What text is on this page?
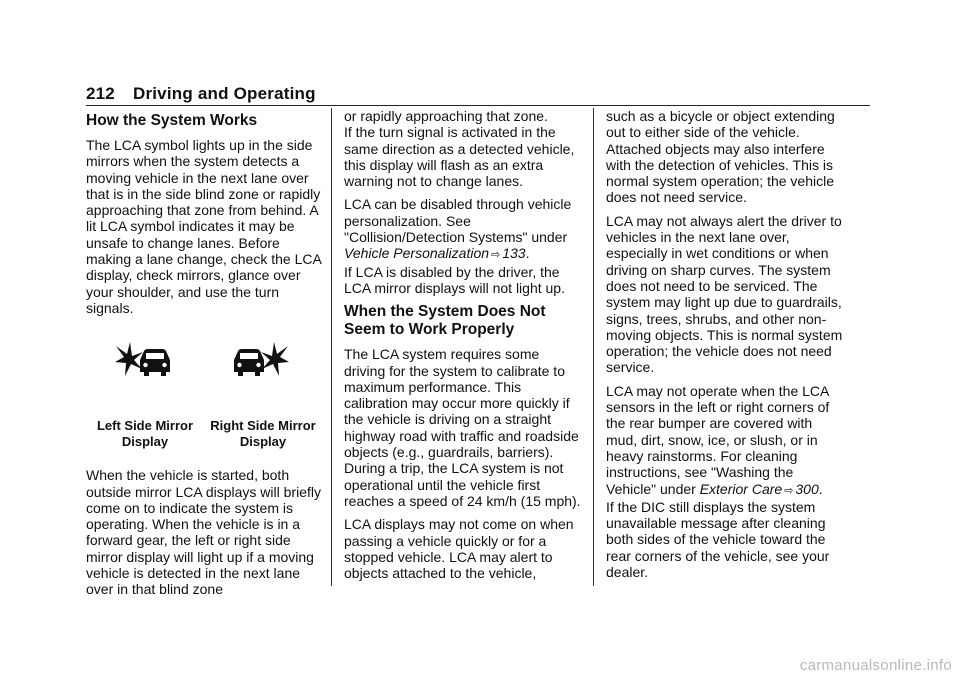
212 Driving and Operating
How the System Works

The LCA symbol lights up in the side mirrors when the system detects a moving vehicle in the next lane over that is in the side blind zone or rapidly approaching that zone from behind. A lit LCA symbol indicates it may be unsafe to change lanes. Before making a lane change, check the LCA display, check mirrors, glance over your shoulder, and use the turn signals.

Left Side Mirror
Display
Right Side Mirror
Display

When the vehicle is started, both outside mirror LCA displays will briefly come on to indicate the system is operating. When the vehicle is in a forward gear, the left or right side mirror display will light up if a moving vehicle is detected in the next lane over in that blind zone

or rapidly approaching that zone.

If the turn signal is activated in the same direction as a detected vehicle, this display will flash as an extra warning not to change lanes.

LCA can be disabled through vehicle personalization. See "Collision/Detection Systems" under Vehicle Personalization ⇨ 133.

If LCA is disabled by the driver, the LCA mirror displays will not light up.

When the System Does Not Seem to Work Properly

The LCA system requires some driving for the system to calibrate to maximum performance. This calibration may occur more quickly if the vehicle is driving on a straight highway road with traffic and roadside objects (e.g., guardrails, barriers). During a trip, the LCA system is not operational until the vehicle first reaches a speed of 24 km/h (15 mph).

LCA displays may not come on when passing a vehicle quickly or for a stopped vehicle. LCA may alert to objects attached to the vehicle,

such as a bicycle or object extending out to either side of the vehicle. Attached objects may also interfere with the detection of vehicles. This is normal system operation; the vehicle does not need service.

LCA may not always alert the driver to vehicles in the next lane over, especially in wet conditions or when driving on sharp curves. The system does not need to be serviced. The system may light up due to guardrails, signs, trees, shrubs, and other non-moving objects. This is normal system operation; the vehicle does not need service.

LCA may not operate when the LCA sensors in the left or right corners of the rear bumper are covered with mud, dirt, snow, ice, or slush, or in heavy rainstorms. For cleaning instructions, see "Washing the Vehicle" under Exterior Care ⇨ 300.

If the DIC still displays the system unavailable message after cleaning both sides of the vehicle toward the rear corners of the vehicle, see your dealer.

carmanualsonline.info
